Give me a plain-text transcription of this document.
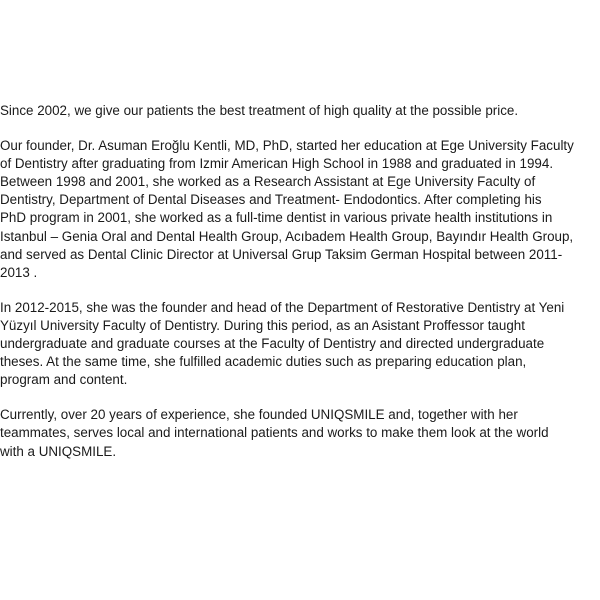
Since 2002, we give our patients the best treatment of high quality at the possible price.

Our founder, Dr. Asuman Eroğlu Kentli, MD, PhD, started her education at Ege University Faculty
of Dentistry after graduating from Izmir American High School in 1988 and graduated in 1994.
Between 1998 and 2001, she worked as a Research Assistant at Ege University Faculty of
Dentistry, Department of Dental Diseases and Treatment- Endodontics. After completing his
PhD program in 2001, she worked as a full-time dentist in various private health institutions in
Istanbul – Genia Oral and Dental Health Group, Acıbadem Health Group, Bayındır Health Group,
and served as Dental Clinic Director at Universal Grup Taksim German Hospital between 2011-
2013 .

In 2012-2015, she was the founder and head of the Department of Restorative Dentistry at Yeni
Yüzyıl University Faculty of Dentistry. During this period, as an Asistant Proffessor taught
undergraduate and graduate courses at the Faculty of Dentistry and directed undergraduate
theses. At the same time, she fulfilled academic duties such as preparing education plan,
program and content.

Currently, over 20 years of experience, she founded UNIQSMILE and, together with her
teammates, serves local and international patients and works to make them look at the world
with a UNIQSMILE.
